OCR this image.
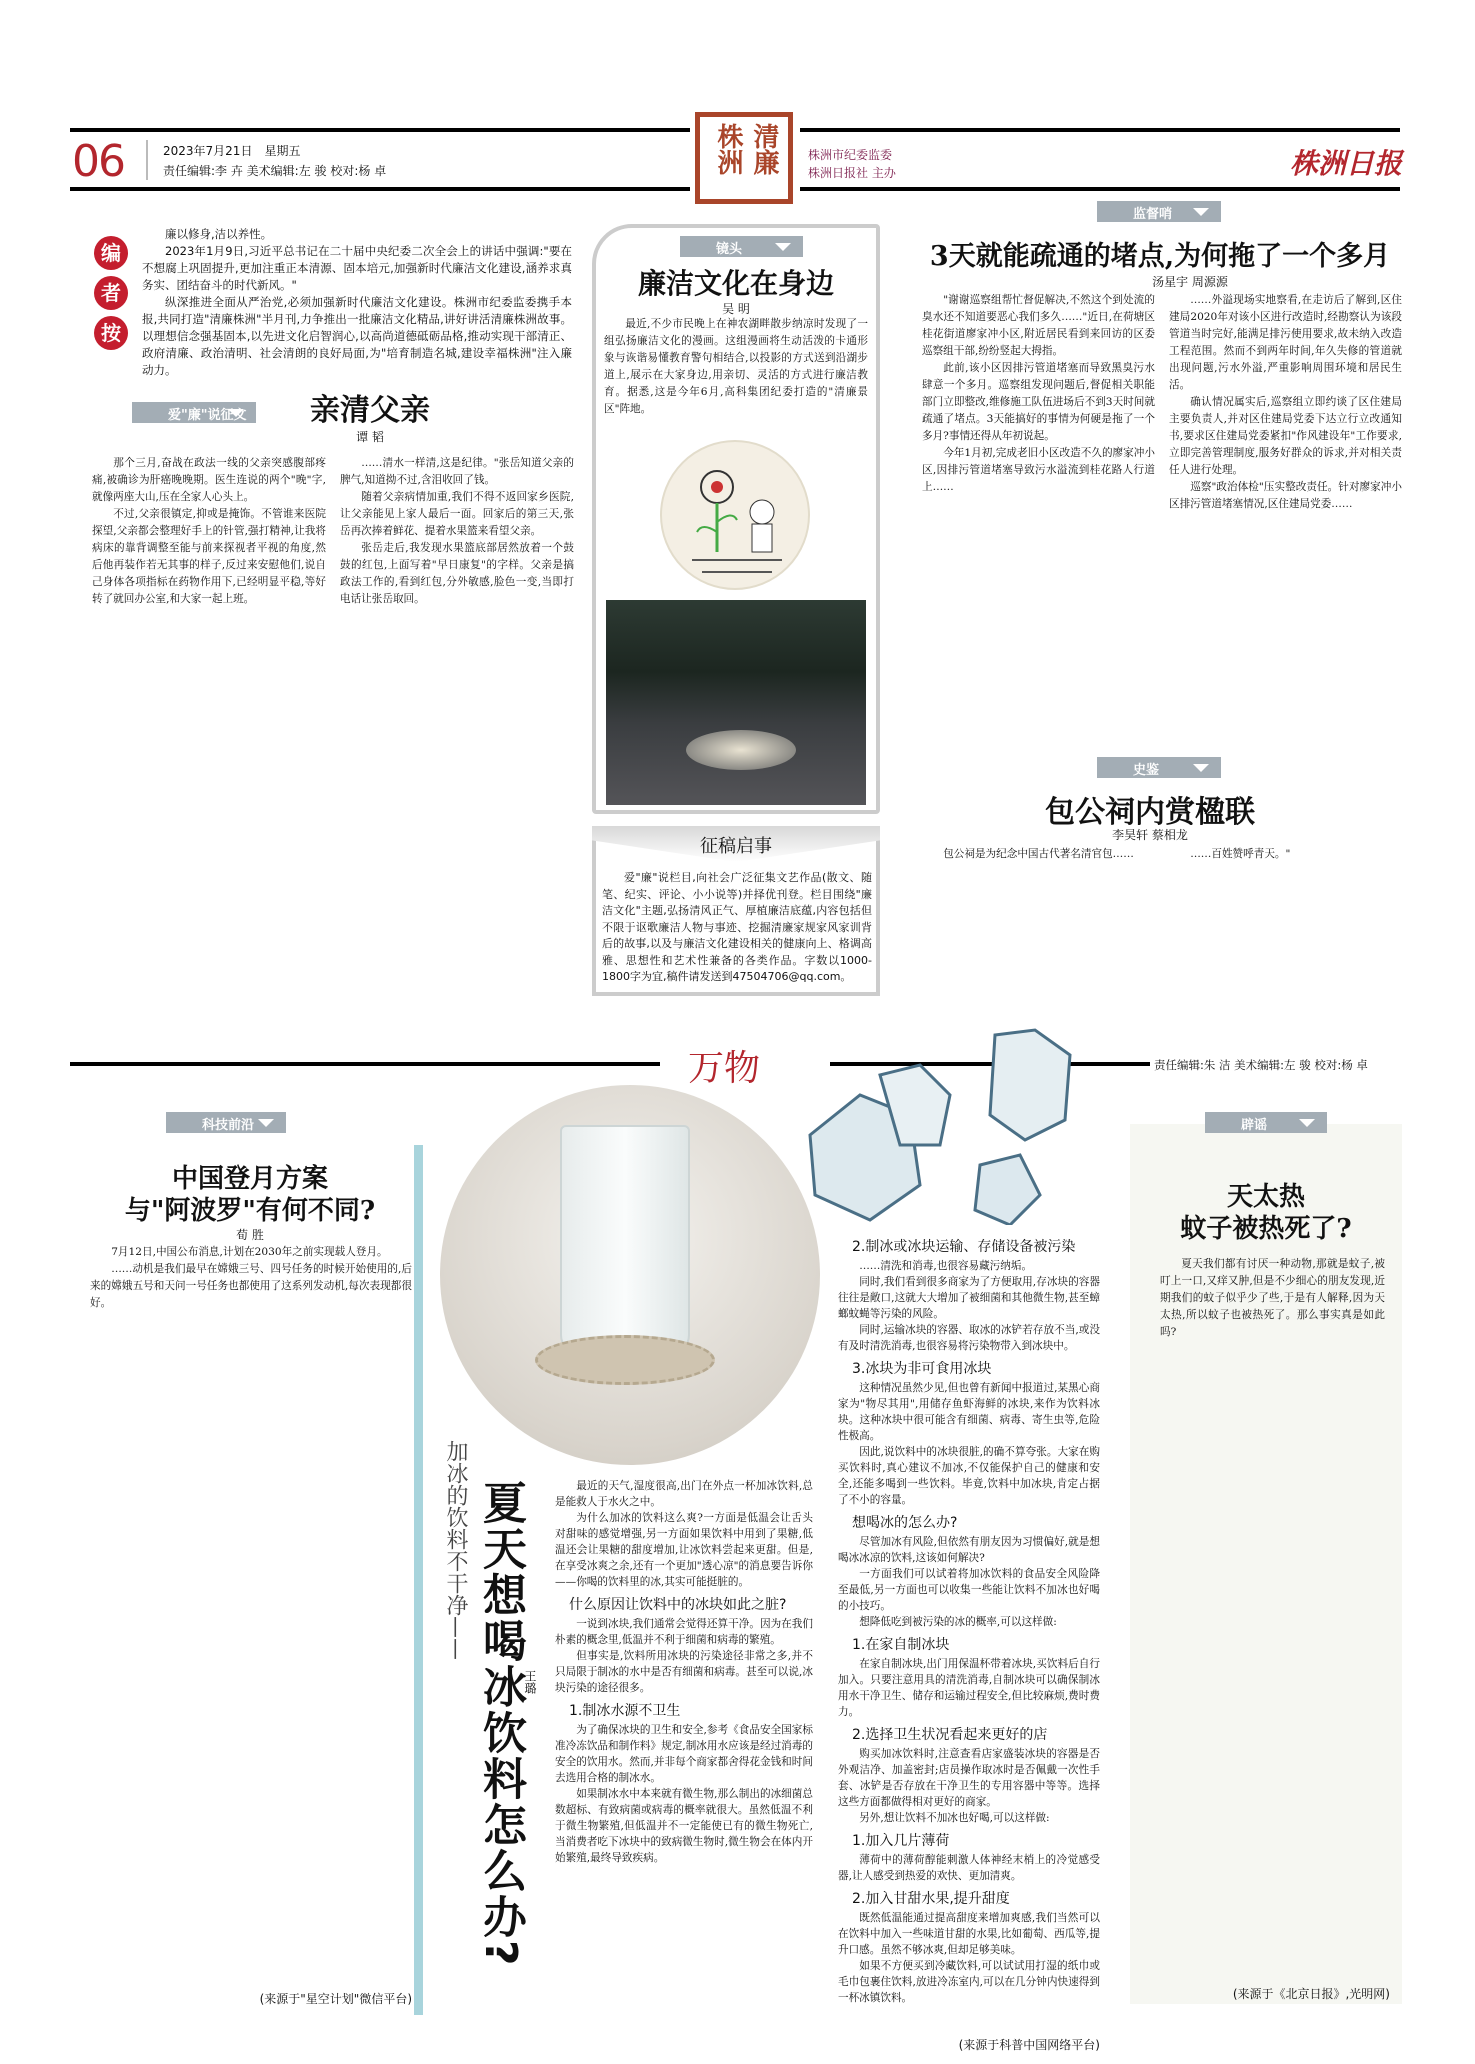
06	2023年7月21日　星期五
责任编辑:李 卉 美术编辑:左 骏 校对:杨 卓	清廉株洲	株洲市纪委监委
株洲日报社 主办	株洲日报
编
者
按

廉以修身,洁以养性。

2023年1月9日,习近平总书记在二十届中央纪委二次全会上的讲话中强调:"要在不想腐上巩固提升,更加注重正本清源、固本培元,加强新时代廉洁文化建设,涵养求真务实、团结奋斗的时代新风。"

纵深推进全面从严治党,必须加强新时代廉洁文化建设。株洲市纪委监委携手本报,共同打造"清廉株洲"半月刊,力争推出一批廉洁文化精品,讲好讲活清廉株洲故事。以理想信念强基固本,以先进文化启智润心,以高尚道德砥砺品格,推动实现干部清正、政府清廉、政治清明、社会清朗的良好局面,为"培育制造名城,建设幸福株洲"注入廉动力。

爱"廉"说征文	亲清父亲
谭 韬

那个三月,奋战在政法一线的父亲突感腹部疼痛,被确诊为肝癌晚晚期。医生连说的两个"晚"字,就像两座大山,压在全家人心头上。

不过,父亲很镇定,抑或是掩饰。不管谁来医院探望,父亲都会整理好手上的针管,强打精神,让我将病床的靠背调整至能与前来探视者平视的角度,然后他再装作若无其事的样子,反过来安慰他们,说自己身体各项指标在药物作用下,已经明显平稳,等好转了就回办公室,和大家一起上班。

……清水一样清,这是纪律。"张岳知道父亲的脾气,知道拗不过,含泪收回了钱。

随着父亲病情加重,我们不得不返回家乡医院,让父亲能见上家人最后一面。回家后的第三天,张岳再次捧着鲜花、提着水果篮来看望父亲。

张岳走后,我发现水果篮底部居然放着一个鼓鼓的红包,上面写着"早日康复"的字样。父亲是搞政法工作的,看到红包,分外敏感,脸色一变,当即打电话让张岳取回。

镜头
廉洁文化在身边
吴 明

最近,不少市民晚上在神农湖畔散步纳凉时发现了一组弘扬廉洁文化的漫画。这组漫画将生动活泼的卡通形象与诙谐易懂教育警句相结合,以投影的方式送到沿湖步道上,展示在大家身边,用亲切、灵活的方式进行廉洁教育。据悉,这是今年6月,高科集团纪委打造的"清廉景区"阵地。

征稿启事
爱"廉"说栏目,向社会广泛征集文艺作品(散文、随笔、纪实、评论、小小说等)并择优刊登。栏目围绕"廉洁文化"主题,弘扬清风正气、厚植廉洁底蕴,内容包括但不限于讴歌廉洁人物与事迹、挖掘清廉家规家风家训背后的故事,以及与廉洁文化建设相关的健康向上、格调高雅、思想性和艺术性兼备的各类作品。字数以1000-1800字为宜,稿件请发送到47504706@qq.com。
监督哨
3天就能疏通的堵点,为何拖了一个多月
汤星宇 周源源

"谢谢巡察组帮忙督促解决,不然这个到处流的臭水还不知道要恶心我们多久……"近日,在荷塘区桂花街道廖家冲小区,附近居民看到来回访的区委巡察组干部,纷纷竖起大拇指。

此前,该小区因排污管道堵塞而导致黑臭污水肆意一个多月。巡察组发现问题后,督促相关职能部门立即整改,维修施工队伍进场后不到3天时间就疏通了堵点。3天能搞好的事情为何硬是拖了一个多月?事情还得从年初说起。

今年1月初,完成老旧小区改造不久的廖家冲小区,因排污管道堵塞导致污水溢流到桂花路人行道上……

……外溢现场实地察看,在走访后了解到,区住建局2020年对该小区进行改造时,经勘察认为该段管道当时完好,能满足排污使用要求,故未纳入改造工程范围。然而不到两年时间,年久失修的管道就出现问题,污水外溢,严重影响周围环境和居民生活。

确认情况属实后,巡察组立即约谈了区住建局主要负责人,并对区住建局党委下达立行立改通知书,要求区住建局党委紧扣"作风建设年"工作要求,立即完善管理制度,服务好群众的诉求,并对相关责任人进行处理。

巡察"政治体检"压实整改责任。针对廖家冲小区排污管道堵塞情况,区住建局党委……

史鉴
包公祠内赏楹联
李昊轩 蔡相龙

包公祠是为纪念中国古代著名清官包……	……百姓赞呼青天。"

万物	责任编辑:朱 洁 美术编辑:左 骏 校对:杨 卓
科技前沿
中国登月方案
与"阿波罗"有何不同?
荀 胜

7月12日,中国公布消息,计划在2030年之前实现载人登月。

……动机是我们最早在嫦娥三号、四号任务的时候开始使用的,后来的嫦娥五号和天问一号任务也都使用了这系列发动机,每次表现都很好。

(来源于"星空计划"微信平台)
加冰的饮料不干净—— 夏天想喝冰饮料怎么办?
王璐

最近的天气,湿度很高,出门在外点一杯加冰饮料,总是能救人于水火之中。

为什么加冰的饮料这么爽?一方面是低温会让舌头对甜味的感觉增强,另一方面如果饮料中用到了果糖,低温还会让果糖的甜度增加,让冰饮料尝起来更甜。但是,在享受冰爽之余,还有一个更加"透心凉"的消息要告诉你——你喝的饮料里的冰,其实可能挺脏的。

什么原因让饮料中的冰块如此之脏?

一说到冰块,我们通常会觉得还算干净。因为在我们朴素的概念里,低温并不利于细菌和病毒的繁殖。

但事实是,饮料所用冰块的污染途径非常之多,并不只局限于制冰的水中是否有细菌和病毒。甚至可以说,冰块污染的途径很多。

1.制冰水源不卫生

为了确保冰块的卫生和安全,参考《食品安全国家标准冷冻饮品和制作料》规定,制冰用水应该是经过消毒的安全的饮用水。然而,并非每个商家都舍得花金钱和时间去选用合格的制冰水。

如果制冰水中本来就有微生物,那么制出的冰细菌总数超标、有致病菌或病毒的概率就很大。虽然低温不利于微生物繁殖,但低温并不一定能使已有的微生物死亡,当消费者吃下冰块中的致病微生物时,微生物会在体内开始繁殖,最终导致疾病。

2.制冰或冰块运输、存储设备被污染

……清洗和消毒,也很容易藏污纳垢。

同时,我们看到很多商家为了方便取用,存冰块的容器往往是敞口,这就大大增加了被细菌和其他微生物,甚至蟑螂蚊蝇等污染的风险。

同时,运输冰块的容器、取冰的冰铲若存放不当,或没有及时清洗消毒,也很容易将污染物带入到冰块中。

3.冰块为非可食用冰块

这种情况虽然少见,但也曾有新闻中报道过,某黑心商家为"物尽其用",用储存鱼虾海鲜的冰块,来作为饮料冰块。这种冰块中很可能含有细菌、病毒、寄生虫等,危险性极高。

因此,说饮料中的冰块很脏,的确不算夸张。大家在购买饮料时,真心建议不加冰,不仅能保护自己的健康和安全,还能多喝到一些饮料。毕竟,饮料中加冰块,肯定占据了不小的容量。

想喝冰的怎么办?

尽管加冰有风险,但依然有朋友因为习惯偏好,就是想喝冰冰凉的饮料,这该如何解决?

一方面我们可以试着将加冰饮料的食品安全风险降至最低,另一方面也可以收集一些能让饮料不加冰也好喝的小技巧。

想降低吃到被污染的冰的概率,可以这样做:

1.在家自制冰块

在家自制冰块,出门用保温杯带着冰块,买饮料后自行加入。只要注意用具的清洗消毒,自制冰块可以确保制冰用水干净卫生、储存和运输过程安全,但比较麻烦,费时费力。

2.选择卫生状况看起来更好的店

购买加冰饮料时,注意查看店家盛装冰块的容器是否外观洁净、加盖密封;店员操作取冰时是否佩戴一次性手套、冰铲是否存放在干净卫生的专用容器中等等。选择这些方面都做得相对更好的商家。

另外,想让饮料不加冰也好喝,可以这样做:

1.加入几片薄荷

薄荷中的薄荷醇能刺激人体神经末梢上的冷觉感受器,让人感受到热爱的欢快、更加清爽。

2.加入甘甜水果,提升甜度

既然低温能通过提高甜度来增加爽感,我们当然可以在饮料中加入一些味道甘甜的水果,比如葡萄、西瓜等,提升口感。虽然不够冰爽,但却足够美味。

如果不方便买到冷藏饮料,可以试试用打湿的纸巾或毛巾包裹住饮料,放进冷冻室内,可以在几分钟内快速得到一杯冰镇饮料。

(来源于科普中国网络平台)
辟谣
天太热
蚊子被热死了?

夏天我们都有讨厌一种动物,那就是蚊子,被叮上一口,又痒又肿,但是不少细心的朋友发现,近期我们的蚊子似乎少了些,于是有人解释,因为天太热,所以蚊子也被热死了。那么事实真是如此吗?

(来源于《北京日报》,光明网)
